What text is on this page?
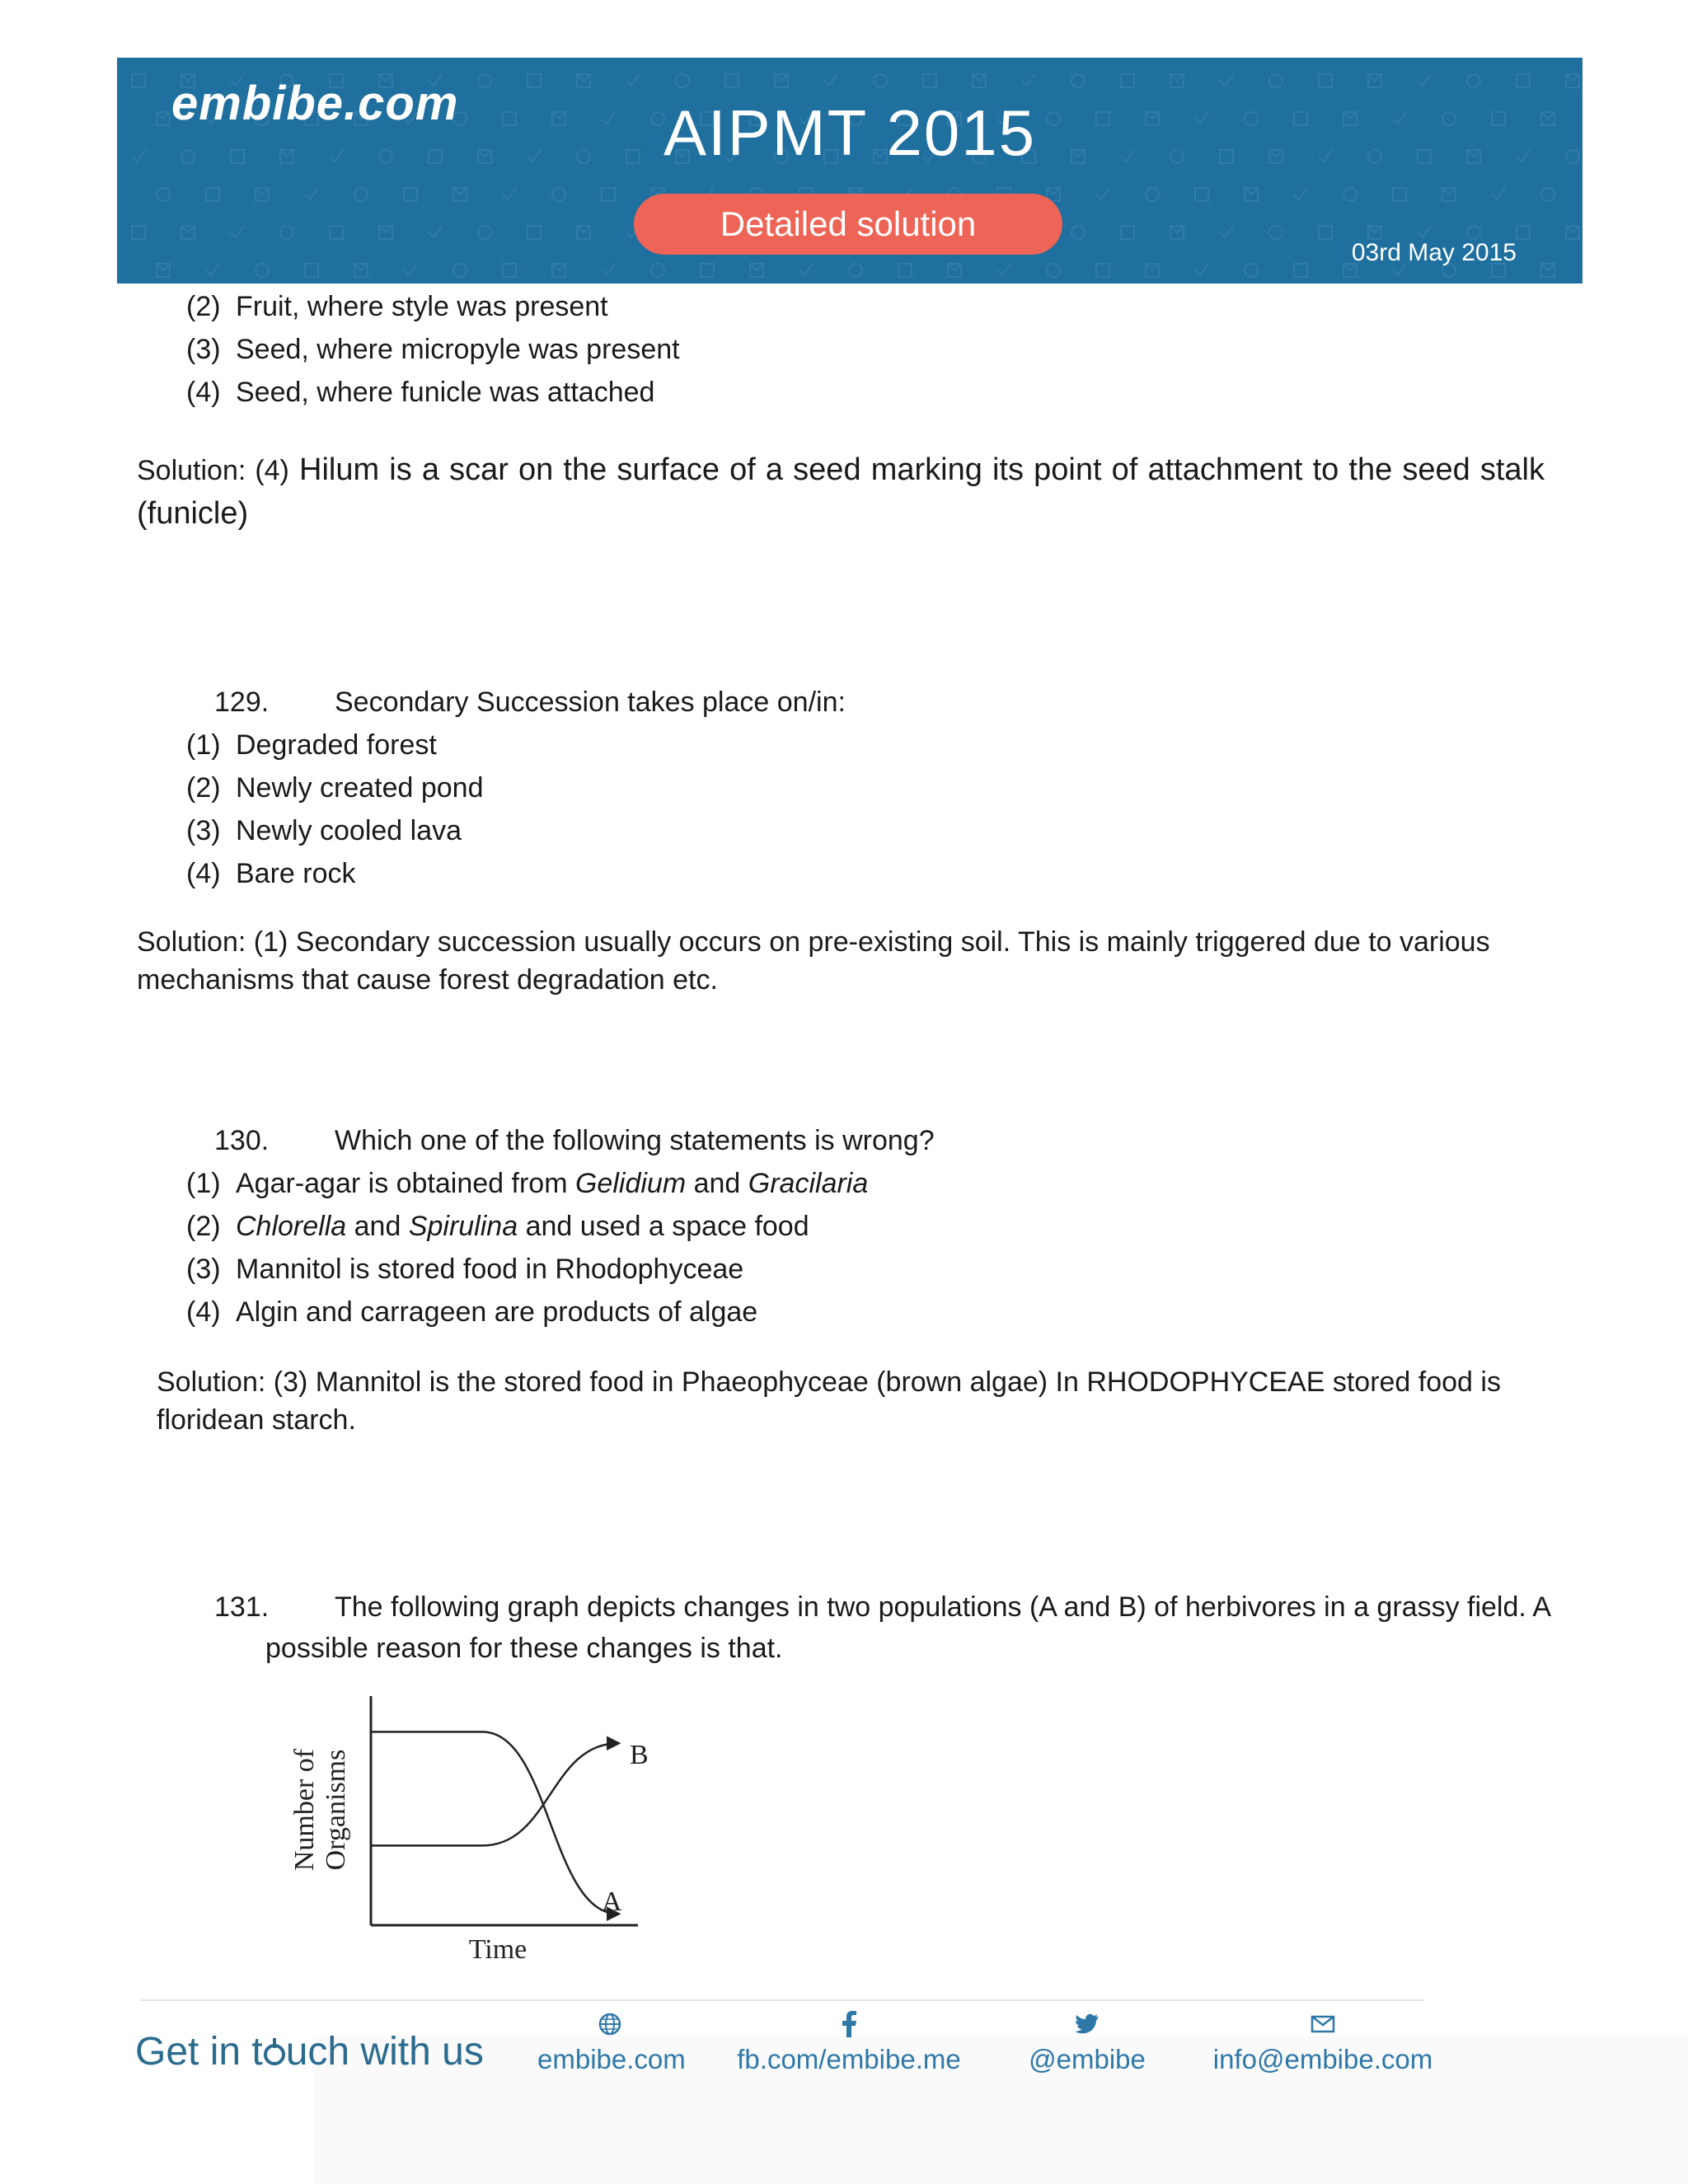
embibe.com	AIPMT 2015
Detailed solution
03rd May 2015
(2) Fruit, where style was present
(3) Seed, where micropyle was present
(4) Seed, where funicle was attached
Solution: (4) Hilum is a scar on the surface of a seed marking its point of attachment to the seed stalk (funicle)
129. Secondary Succession takes place on/in:
(1) Degraded forest
(2) Newly created pond
(3) Newly cooled lava
(4) Bare rock
Solution: (1) Secondary succession usually occurs on pre-existing soil. This is mainly triggered due to various mechanisms that cause forest degradation etc.
130. Which one of the following statements is wrong?
(1) Agar-agar is obtained from Gelidium and Gracilaria
(2) Chlorella and Spirulina and used a space food
(3) Mannitol is stored food in Rhodophyceae
(4) Algin and carrageen are products of algae
Solution: (3) Mannitol is the stored food in Phaeophyceae (brown algae) In RHODOPHYCEAE stored food is floridean starch.
131. The following graph depicts changes in two populations (A and B) of herbivores in a grassy field. A
possible reason for these changes is that.
B
A
Time
Number of Organisms
Get in t uch with us embibe.com fb.com/embibe.me @embibe info@embibe.com
